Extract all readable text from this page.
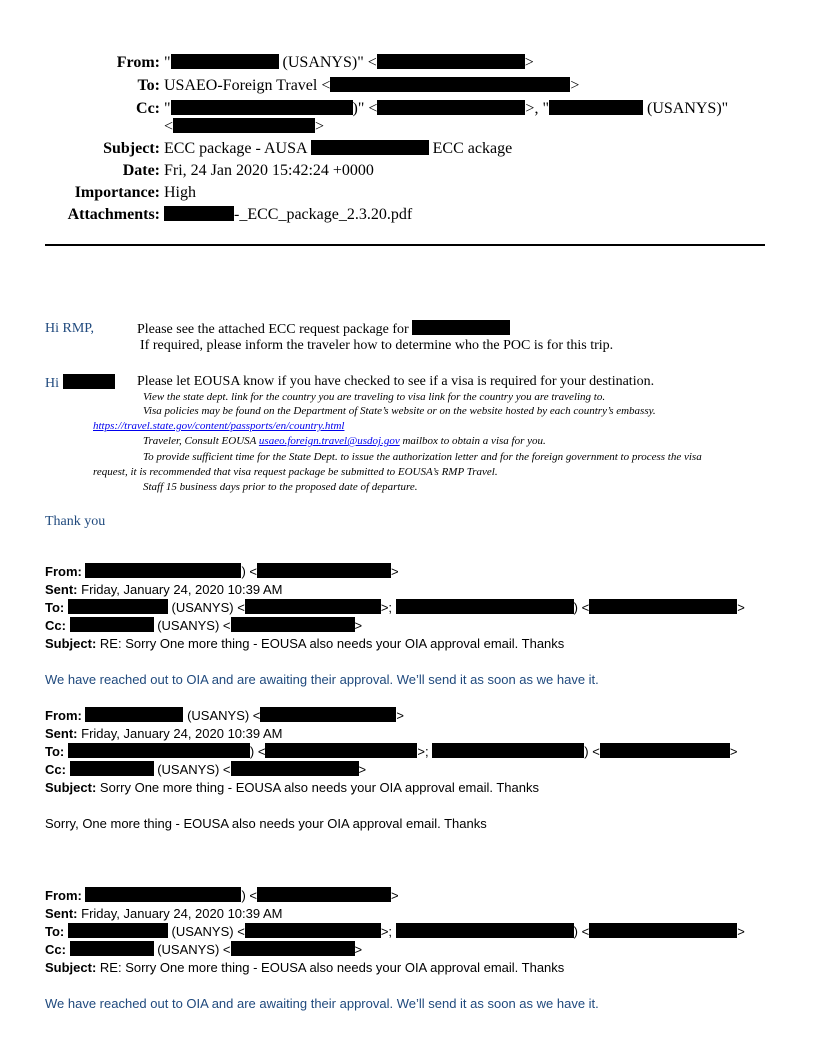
From: "	(USANYS)" <	>
To: USAEO-Foreign Travel <	>
Cc: "	)" <	>, "	(USANYS)"
<	>
Subject: ECC package - AUSA	ECC ackage
Date: Fri, 24 Jan 2020 15:42:24 +0000
Importance: High
Attachments:	-_ECC_package_2.3.20.pdf
Hi RMP,	Please see the attached ECC request package for
If required, please inform the traveler how to determine who the POC is for this trip.
Hi	Please let EOUSA know if you have checked to see if a visa is required for your destination.
View the state dept. link for the country you are traveling to visa link for the country you are traveling to.
Visa policies may be found on the Department of State’s website or on the website hosted by each country’s embassy.
https://travel.state.gov/content/passports/en/country.html
Traveler, Consult EOUSA usaeo.foreign.travel@usdoj.gov mailbox to obtain a visa for you.
To provide sufficient time for the State Dept. to issue the authorization letter and for the foreign government to process the visa
request, it is recommended that visa request package be submitted to EOUSA’s RMP Travel.
Staff 15 business days prior to the proposed date of departure.
Thank you
From:	) <	>
Sent: Friday, January 24, 2020 10:39 AM
To:	(USANYS) <	>;	) <	>
Cc:	(USANYS) <	>
Subject: RE: Sorry One more thing - EOUSA also needs your OIA approval email. Thanks
We have reached out to OIA and are awaiting their approval. We’ll send it as soon as we have it.
From:	(USANYS) <	>
Sent: Friday, January 24, 2020 10:39 AM
To:	) <	>;	) <	>
Cc:	(USANYS) <	>
Subject: Sorry One more thing - EOUSA also needs your OIA approval email. Thanks
Sorry, One more thing - EOUSA also needs your OIA approval email. Thanks
From:	) <	>
Sent: Friday, January 24, 2020 10:39 AM
To:	(USANYS) <	>;	) <	>
Cc:	(USANYS) <	>
Subject: RE: Sorry One more thing - EOUSA also needs your OIA approval email. Thanks
We have reached out to OIA and are awaiting their approval. We’ll send it as soon as we have it.
